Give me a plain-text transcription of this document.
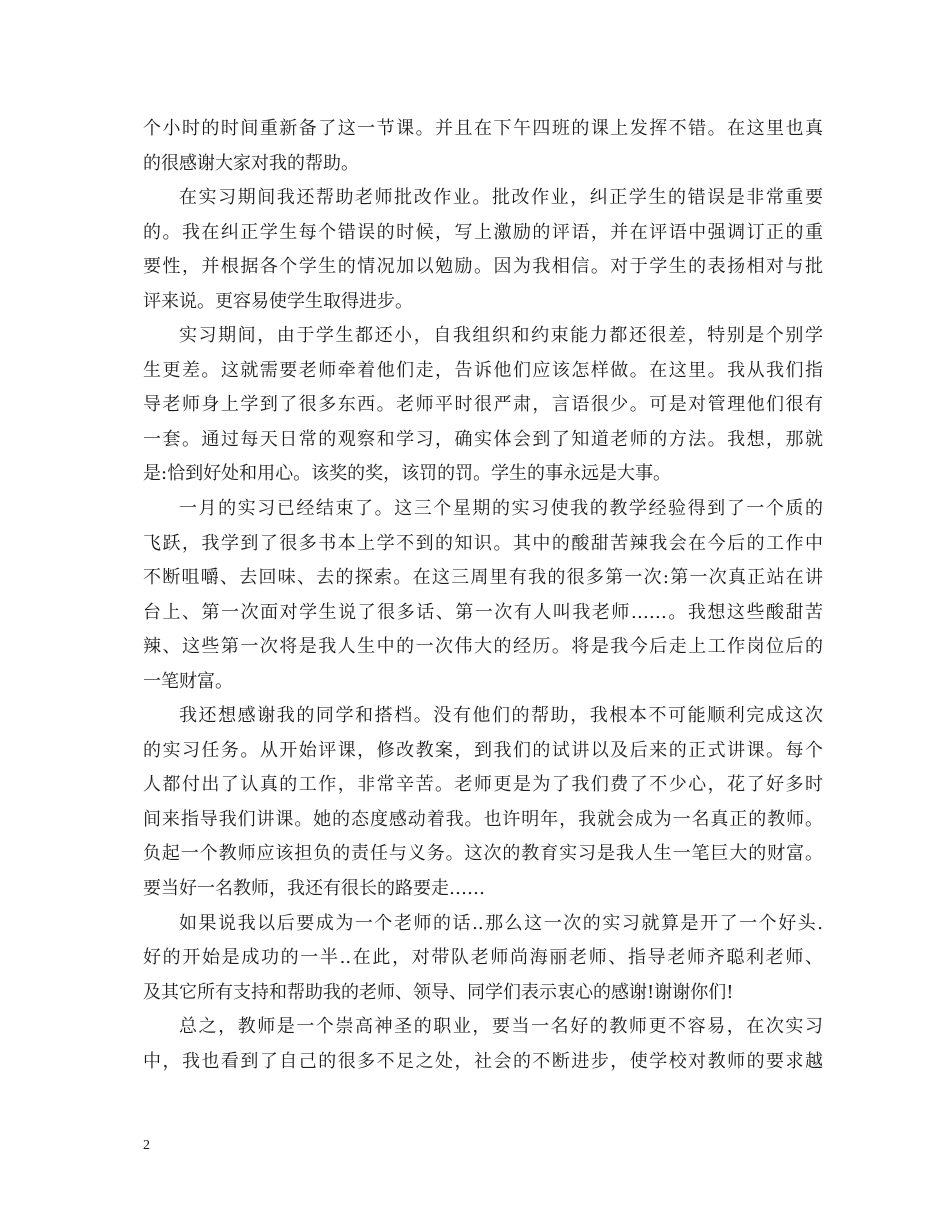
个小时的时间重新备了这一节课。并且在下午四班的课上发挥不错。在这里也真
的很感谢大家对我的帮助。
在实习期间我还帮助老师批改作业。批改作业，纠正学生的错误是非常重要
的。我在纠正学生每个错误的时候，写上激励的评语，并在评语中强调订正的重
要性，并根据各个学生的情况加以勉励。因为我相信。对于学生的表扬相对与批
评来说。更容易使学生取得进步。
实习期间，由于学生都还小，自我组织和约束能力都还很差，特别是个别学
生更差。这就需要老师牵着他们走，告诉他们应该怎样做。在这里。我从我们指
导老师身上学到了很多东西。老师平时很严肃，言语很少。可是对管理他们很有
一套。通过每天日常的观察和学习，确实体会到了知道老师的方法。我想，那就
是:恰到好处和用心。该奖的奖，该罚的罚。学生的事永远是大事。
一月的实习已经结束了。这三个星期的实习使我的教学经验得到了一个质的
飞跃，我学到了很多书本上学不到的知识。其中的酸甜苦辣我会在今后的工作中
不断咀嚼、去回味、去的探索。在这三周里有我的很多第一次:第一次真正站在讲
台上、第一次面对学生说了很多话、第一次有人叫我老师……。我想这些酸甜苦
辣、这些第一次将是我人生中的一次伟大的经历。将是我今后走上工作岗位后的
一笔财富。
我还想感谢我的同学和搭档。没有他们的帮助，我根本不可能顺利完成这次
的实习任务。从开始评课，修改教案，到我们的试讲以及后来的正式讲课。每个
人都付出了认真的工作，非常辛苦。老师更是为了我们费了不少心，花了好多时
间来指导我们讲课。她的态度感动着我。也许明年，我就会成为一名真正的教师。
负起一个教师应该担负的责任与义务。这次的教育实习是我人生一笔巨大的财富。
要当好一名教师，我还有很长的路要走……
如果说我以后要成为一个老师的话..那么这一次的实习就算是开了一个好头.
好的开始是成功的一半..在此，对带队老师尚海丽老师、指导老师齐聪利老师、
及其它所有支持和帮助我的老师、领导、同学们表示衷心的感谢!谢谢你们!
总之，教师是一个崇高神圣的职业，要当一名好的教师更不容易，在次实习
中，我也看到了自己的很多不足之处，社会的不断进步，使学校对教师的要求越
2
